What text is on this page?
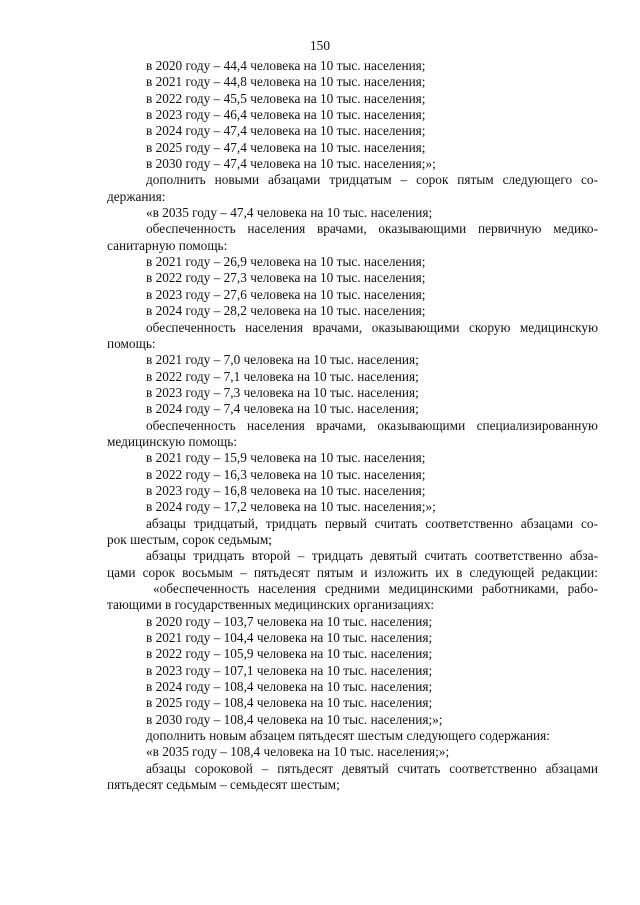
150
в 2020 году – 44,4 человека на 10 тыс. населения;
в 2021 году – 44,8 человека на 10 тыс. населения;
в 2022 году – 45,5 человека на 10 тыс. населения;
в 2023 году – 46,4 человека на 10 тыс. населения;
в 2024 году – 47,4 человека на 10 тыс. населения;
в 2025 году – 47,4 человека на 10 тыс. населения;
в 2030 году – 47,4 человека на 10 тыс. населения;»;
дополнить новыми абзацами тридцатым – сорок пятым следующего со-
держания:
«в 2035 году – 47,4 человека на 10 тыс. населения;
обеспеченность населения врачами, оказывающими первичную медико-
санитарную помощь:
в 2021 году – 26,9 человека на 10 тыс. населения;
в 2022 году – 27,3 человека на 10 тыс. населения;
в 2023 году – 27,6 человека на 10 тыс. населения;
в 2024 году – 28,2 человека на 10 тыс. населения;
обеспеченность населения врачами, оказывающими скорую медицинскую
помощь:
в 2021 году – 7,0 человека на 10 тыс. населения;
в 2022 году – 7,1 человека на 10 тыс. населения;
в 2023 году – 7,3 человека на 10 тыс. населения;
в 2024 году – 7,4 человека на 10 тыс. населения;
обеспеченность населения врачами, оказывающими специализированную
медицинскую помощь:
в 2021 году – 15,9 человека на 10 тыс. населения;
в 2022 году – 16,3 человека на 10 тыс. населения;
в 2023 году – 16,8 человека на 10 тыс. населения;
в 2024 году – 17,2 человека на 10 тыс. населения;»;
абзацы тридцатый, тридцать первый считать соответственно абзацами со-
рок шестым, сорок седьмым;
абзацы тридцать второй – тридцать девятый считать соответственно абза-
цами сорок восьмым – пятьдесят пятым и изложить их в следующей редакции:
«обеспеченность населения средними медицинскими работниками, рабо-
тающими в государственных медицинских организациях:
в 2020 году – 103,7 человека на 10 тыс. населения;
в 2021 году – 104,4 человека на 10 тыс. населения;
в 2022 году – 105,9 человека на 10 тыс. населения;
в 2023 году – 107,1 человека на 10 тыс. населения;
в 2024 году – 108,4 человека на 10 тыс. населения;
в 2025 году – 108,4 человека на 10 тыс. населения;
в 2030 году – 108,4 человека на 10 тыс. населения;»;
дополнить новым абзацем пятьдесят шестым следующего содержания:
«в 2035 году – 108,4 человека на 10 тыс. населения;»;
абзацы сороковой – пятьдесят девятый считать соответственно абзацами
пятьдесят седьмым – семьдесят шестым;
